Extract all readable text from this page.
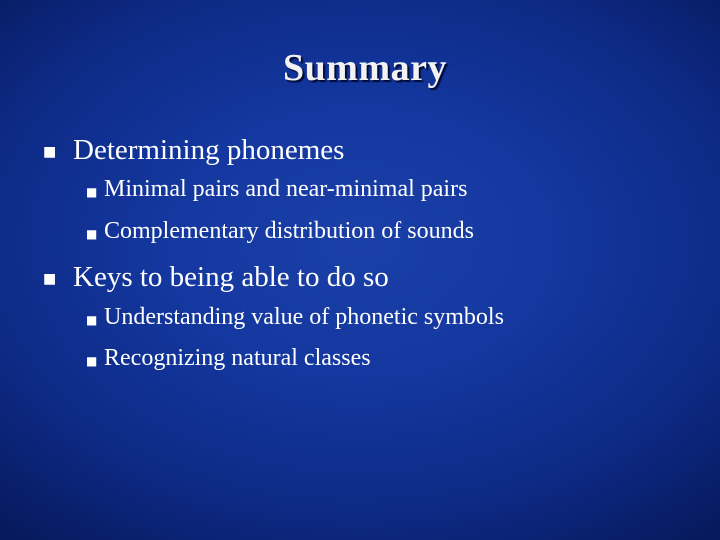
Summary
■ Determining phonemes
■ Minimal pairs and near-minimal pairs
■ Complementary distribution of sounds
■ Keys to being able to do so
■ Understanding value of phonetic symbols
■ Recognizing natural classes
